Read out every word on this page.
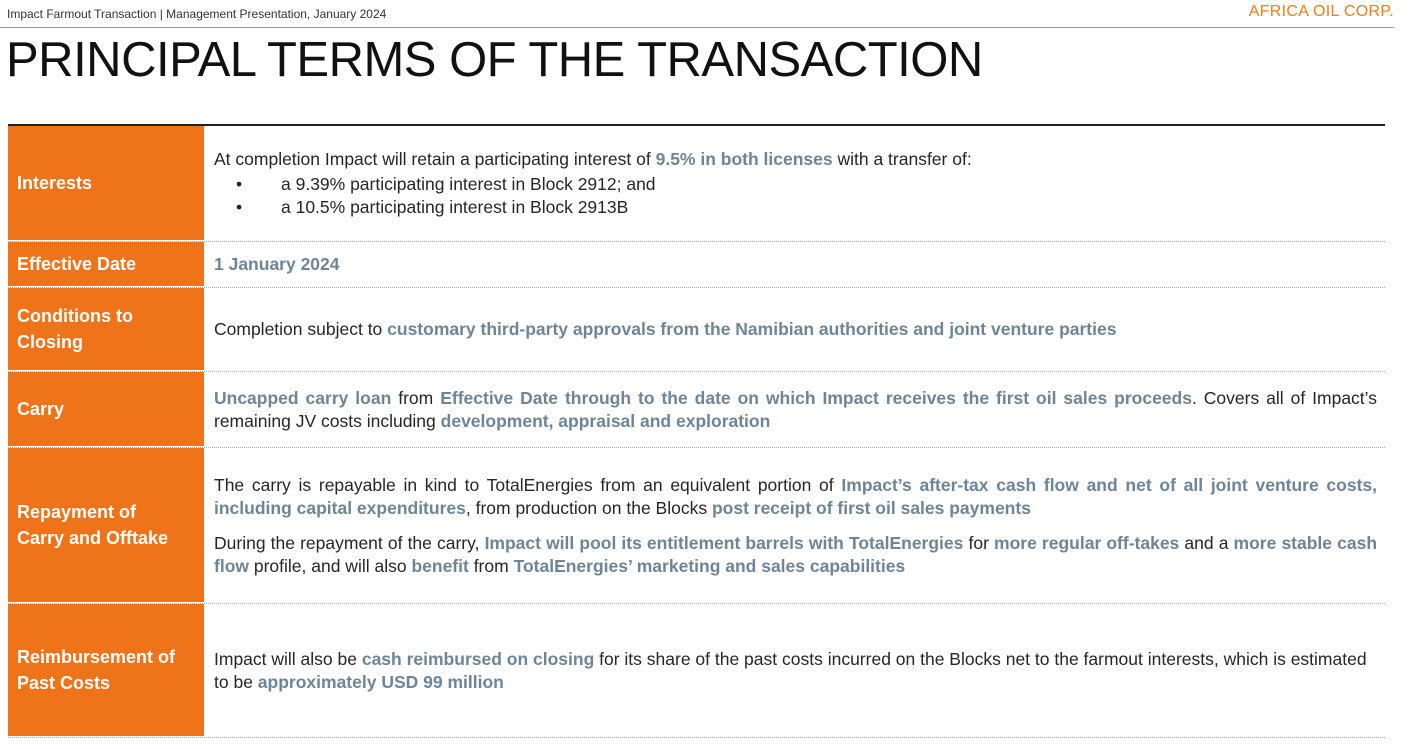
Impact Farmout Transaction | Management Presentation, January 2024	AFRICA OIL CORP.
PRINCIPAL TERMS OF THE TRANSACTION
Interests

At completion Impact will retain a participating interest of 9.5% in both licenses with a transfer of:

• a 9.39% participating interest in Block 2912; and
• a 10.5% participating interest in Block 2913B
Effective Date	1 January 2024

Conditions to
Closing

Completion subject to customary third-party approvals from the Namibian authorities and joint venture parties

Carry

Uncapped carry loan from Effective Date through to the date on which Impact receives the first oil sales proceeds. Covers all of Impact’s remaining JV costs including development, appraisal and exploration

Repayment of
Carry and Offtake

The carry is repayable in kind to TotalEnergies from an equivalent portion of Impact’s after-tax cash flow and net of all joint venture costs, including capital expenditures, from production on the Blocks post receipt of first oil sales payments

During the repayment of the carry, Impact will pool its entitlement barrels with TotalEnergies for more regular off-takes and a more stable cash flow profile, and will also benefit from TotalEnergies’ marketing and sales capabilities

Reimbursement of
Past Costs

Impact will also be cash reimbursed on closing for its share of the past costs incurred on the Blocks net to the farmout interests, which is estimated to be approximately USD 99 million
